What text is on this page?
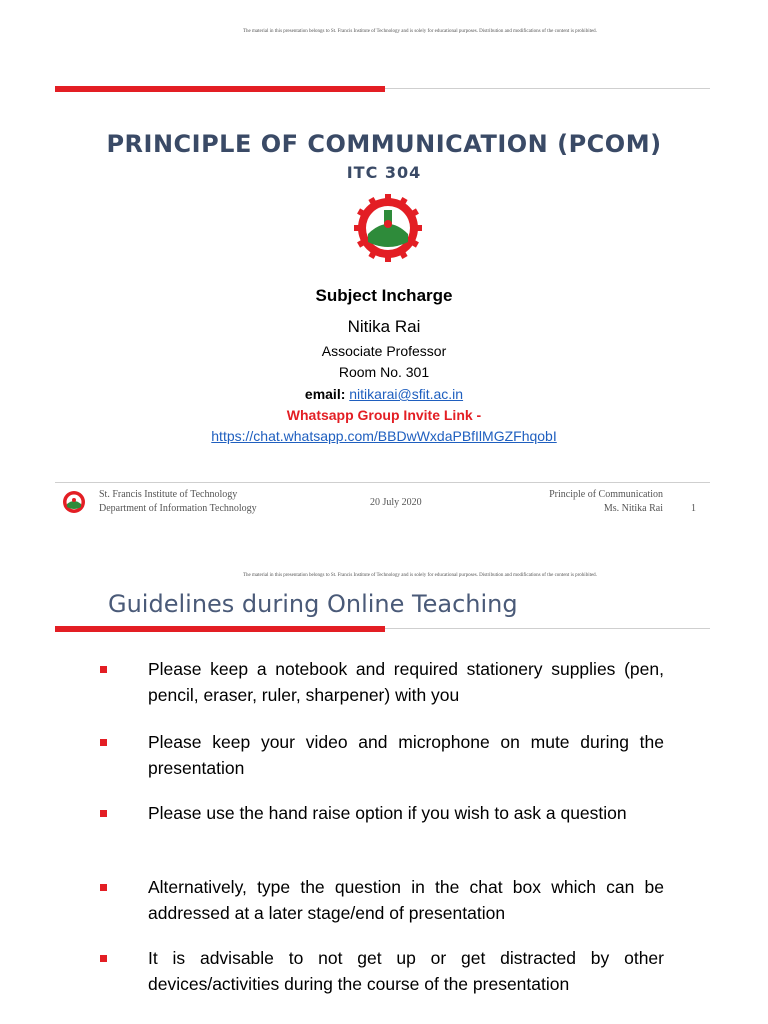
The material in this presentation belongs to St. Francis Institute of Technology and is solely for educational purposes. Distribution and modifications of the content is prohibited.
PRINCIPLE OF COMMUNICATION (PCOM)
ITC 304
Subject Incharge
Nitika Rai
Associate Professor
Room No. 301
email: nitikarai@sfit.ac.in
Whatsapp Group Invite Link -
https://chat.whatsapp.com/BBDwWxdaPBfIlMGZFhqobI
St. Francis Institute of Technology
Department of Information Technology
20 July 2020
Principle of Communication
Ms. Nitika Rai	1
The material in this presentation belongs to St. Francis Institute of Technology and is solely for educational purposes. Distribution and modifications of the content is prohibited.
Guidelines during Online Teaching
Please keep a notebook and required stationery supplies (pen, pencil, eraser, ruler, sharpener) with you
Please keep your video and microphone on mute during the presentation
Please use the hand raise option if you wish to ask a question
Alternatively, type the question in the chat box which can be addressed at a later stage/end of presentation
It is advisable to not get up or get distracted by other devices/activities during the course of the presentation
